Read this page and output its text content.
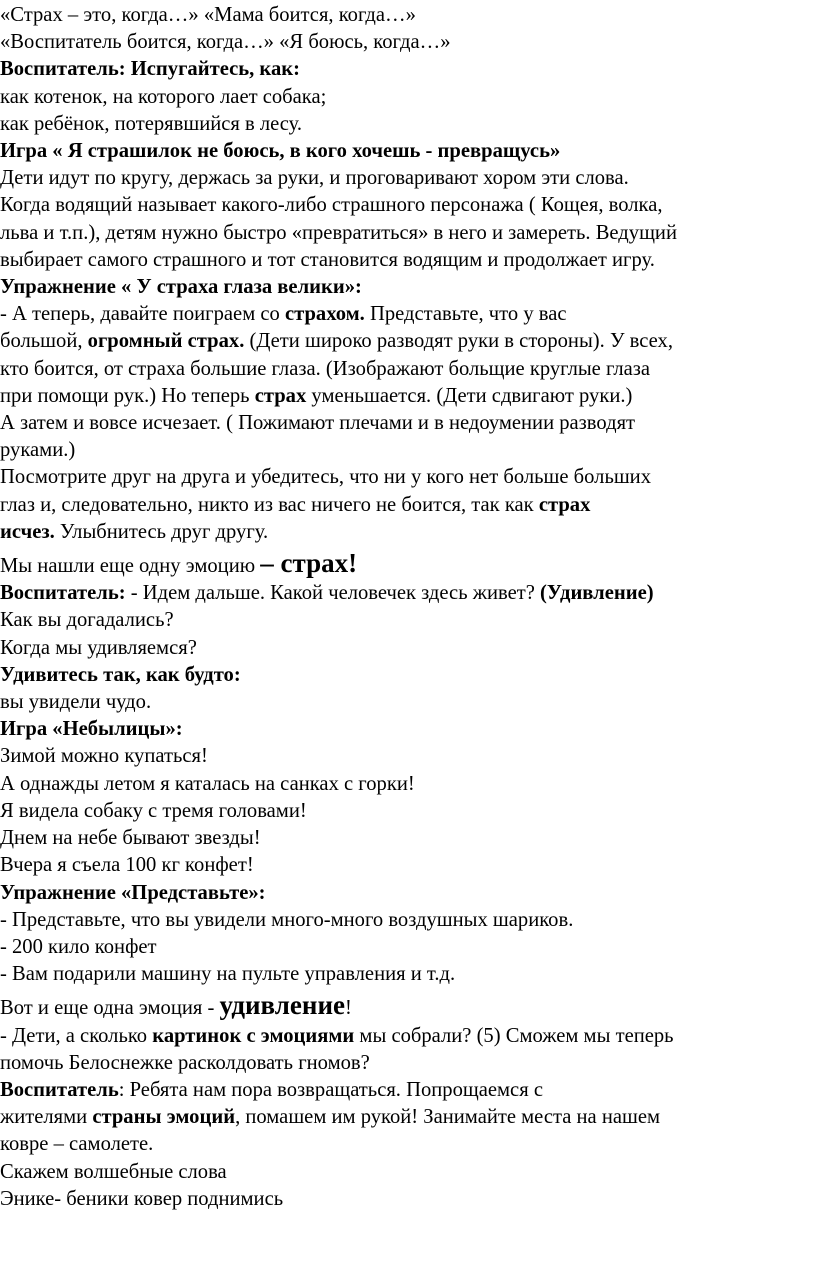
«Страх – это, когда…» «Мама боится, когда…»

«Воспитатель боится, когда…» «Я боюсь, когда…»

Воспитатель: Испугайтесь, как:

как котенок, на которого лает собака;

как ребёнок, потерявшийся в лесу.

Игра « Я страшилок не боюсь, в кого хочешь - превращусь»

Дети идут по кругу, держась за руки, и проговаривают хором эти слова.

Когда водящий называет какого-либо страшного персонажа ( Кощея, волка,

льва и т.п.), детям нужно быстро «превратиться» в него и замереть. Ведущий

выбирает самого страшного и тот становится водящим и продолжает игру.

Упражнение « У страха глаза велики»:

- А теперь, давайте поиграем со страхом. Представьте, что у вас

большой, огромный страх. (Дети широко разводят руки в стороны). У всех,

кто боится, от страха большие глаза. (Изображают больщие круглые глаза

при помощи рук.) Но теперь страх уменьшается. (Дети сдвигают руки.)

А затем и вовсе исчезает. ( Пожимают плечами и в недоумении разводят

руками.)

Посмотрите друг на друга и убедитесь, что ни у кого нет больше больших

глаз и, следовательно, никто из вас ничего не боится, так как страх

исчез. Улыбнитесь друг другу.

Мы нашли еще одну эмоцию – страх!

Воспитатель: - Идем дальше. Какой человечек здесь живет? (Удивление)

Как вы догадались?

Когда мы удивляемся?

Удивитесь так, как будто:

вы увидели чудо.

Игра «Небылицы»:

Зимой можно купаться!

А однажды летом я каталась на санках с горки!

Я видела собаку с тремя головами!

Днем на небе бывают звезды!

Вчера я съела 100 кг конфет!

Упражнение «Представьте»:

- Представьте, что вы увидели много-много воздушных шариков.

- 200 кило конфет

- Вам подарили машину на пульте управления и т.д.

Вот и еще одна эмоция - удивление!

- Дети, а сколько картинок с эмоциями мы собрали? (5) Сможем мы теперь

помочь Белоснежке расколдовать гномов?

Воспитатель: Ребята нам пора возвращаться. Попрощаемся с

жителями страны эмоций, помашем им рукой! Занимайте места на нашем

ковре – самолете.

Скажем волшебные слова

Энике- беники ковер поднимись
